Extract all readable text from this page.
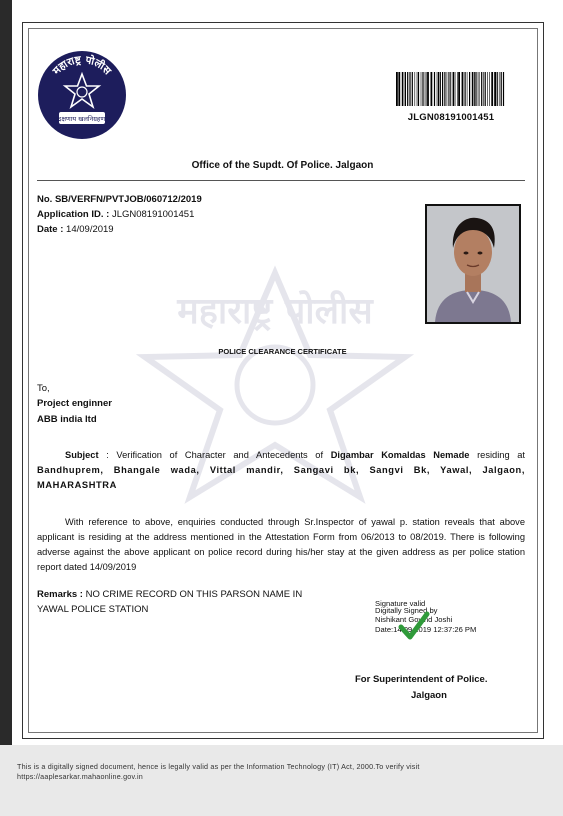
महाराष्ट्र पोलीस
सद्रक्षणाय खलनिग्रहणाय	JLGN08191001451
Office of the Supdt. Of Police. Jalgaon
No. SB/VERFN/PVTJOB/060712/2019
Application ID. : JLGN08191001451
Date : 14/09/2019
महाराष्ट्र पोलीस
POLICE CLEARANCE CERTIFICATE
To,
Project enginner
ABB india ltd
Subject : Verification of Character and Antecedents of Digambar Komaldas Nemade residing at Bandhuprem, Bhangale wada, Vittal mandir, Sangavi bk, Sangvi Bk, Yawal, Jalgaon, MAHARASHTRA
With reference to above, enquiries conducted through Sr.Inspector of yawal p. station reveals that above applicant is residing at the address mentioned in the Attestation Form from 06/2013 to 08/2019. There is following adverse against the above applicant on police record during his/her stay at the given address as per police station report dated 14/09/2019
Remarks : NO CRIME RECORD ON THIS PARSON NAME IN
YAWAL POLICE STATION
Signature valid
Digitally Signed by
Nishikant Govind Joshi
Date:14.09.2019 12:37:26 PM
For Superintendent of Police.
Jalgaon
This is a digitally signed document, hence is legally valid as per the Information Technology (IT) Act, 2000.To verify visit
https://aaplesarkar.mahaonline.gov.in
